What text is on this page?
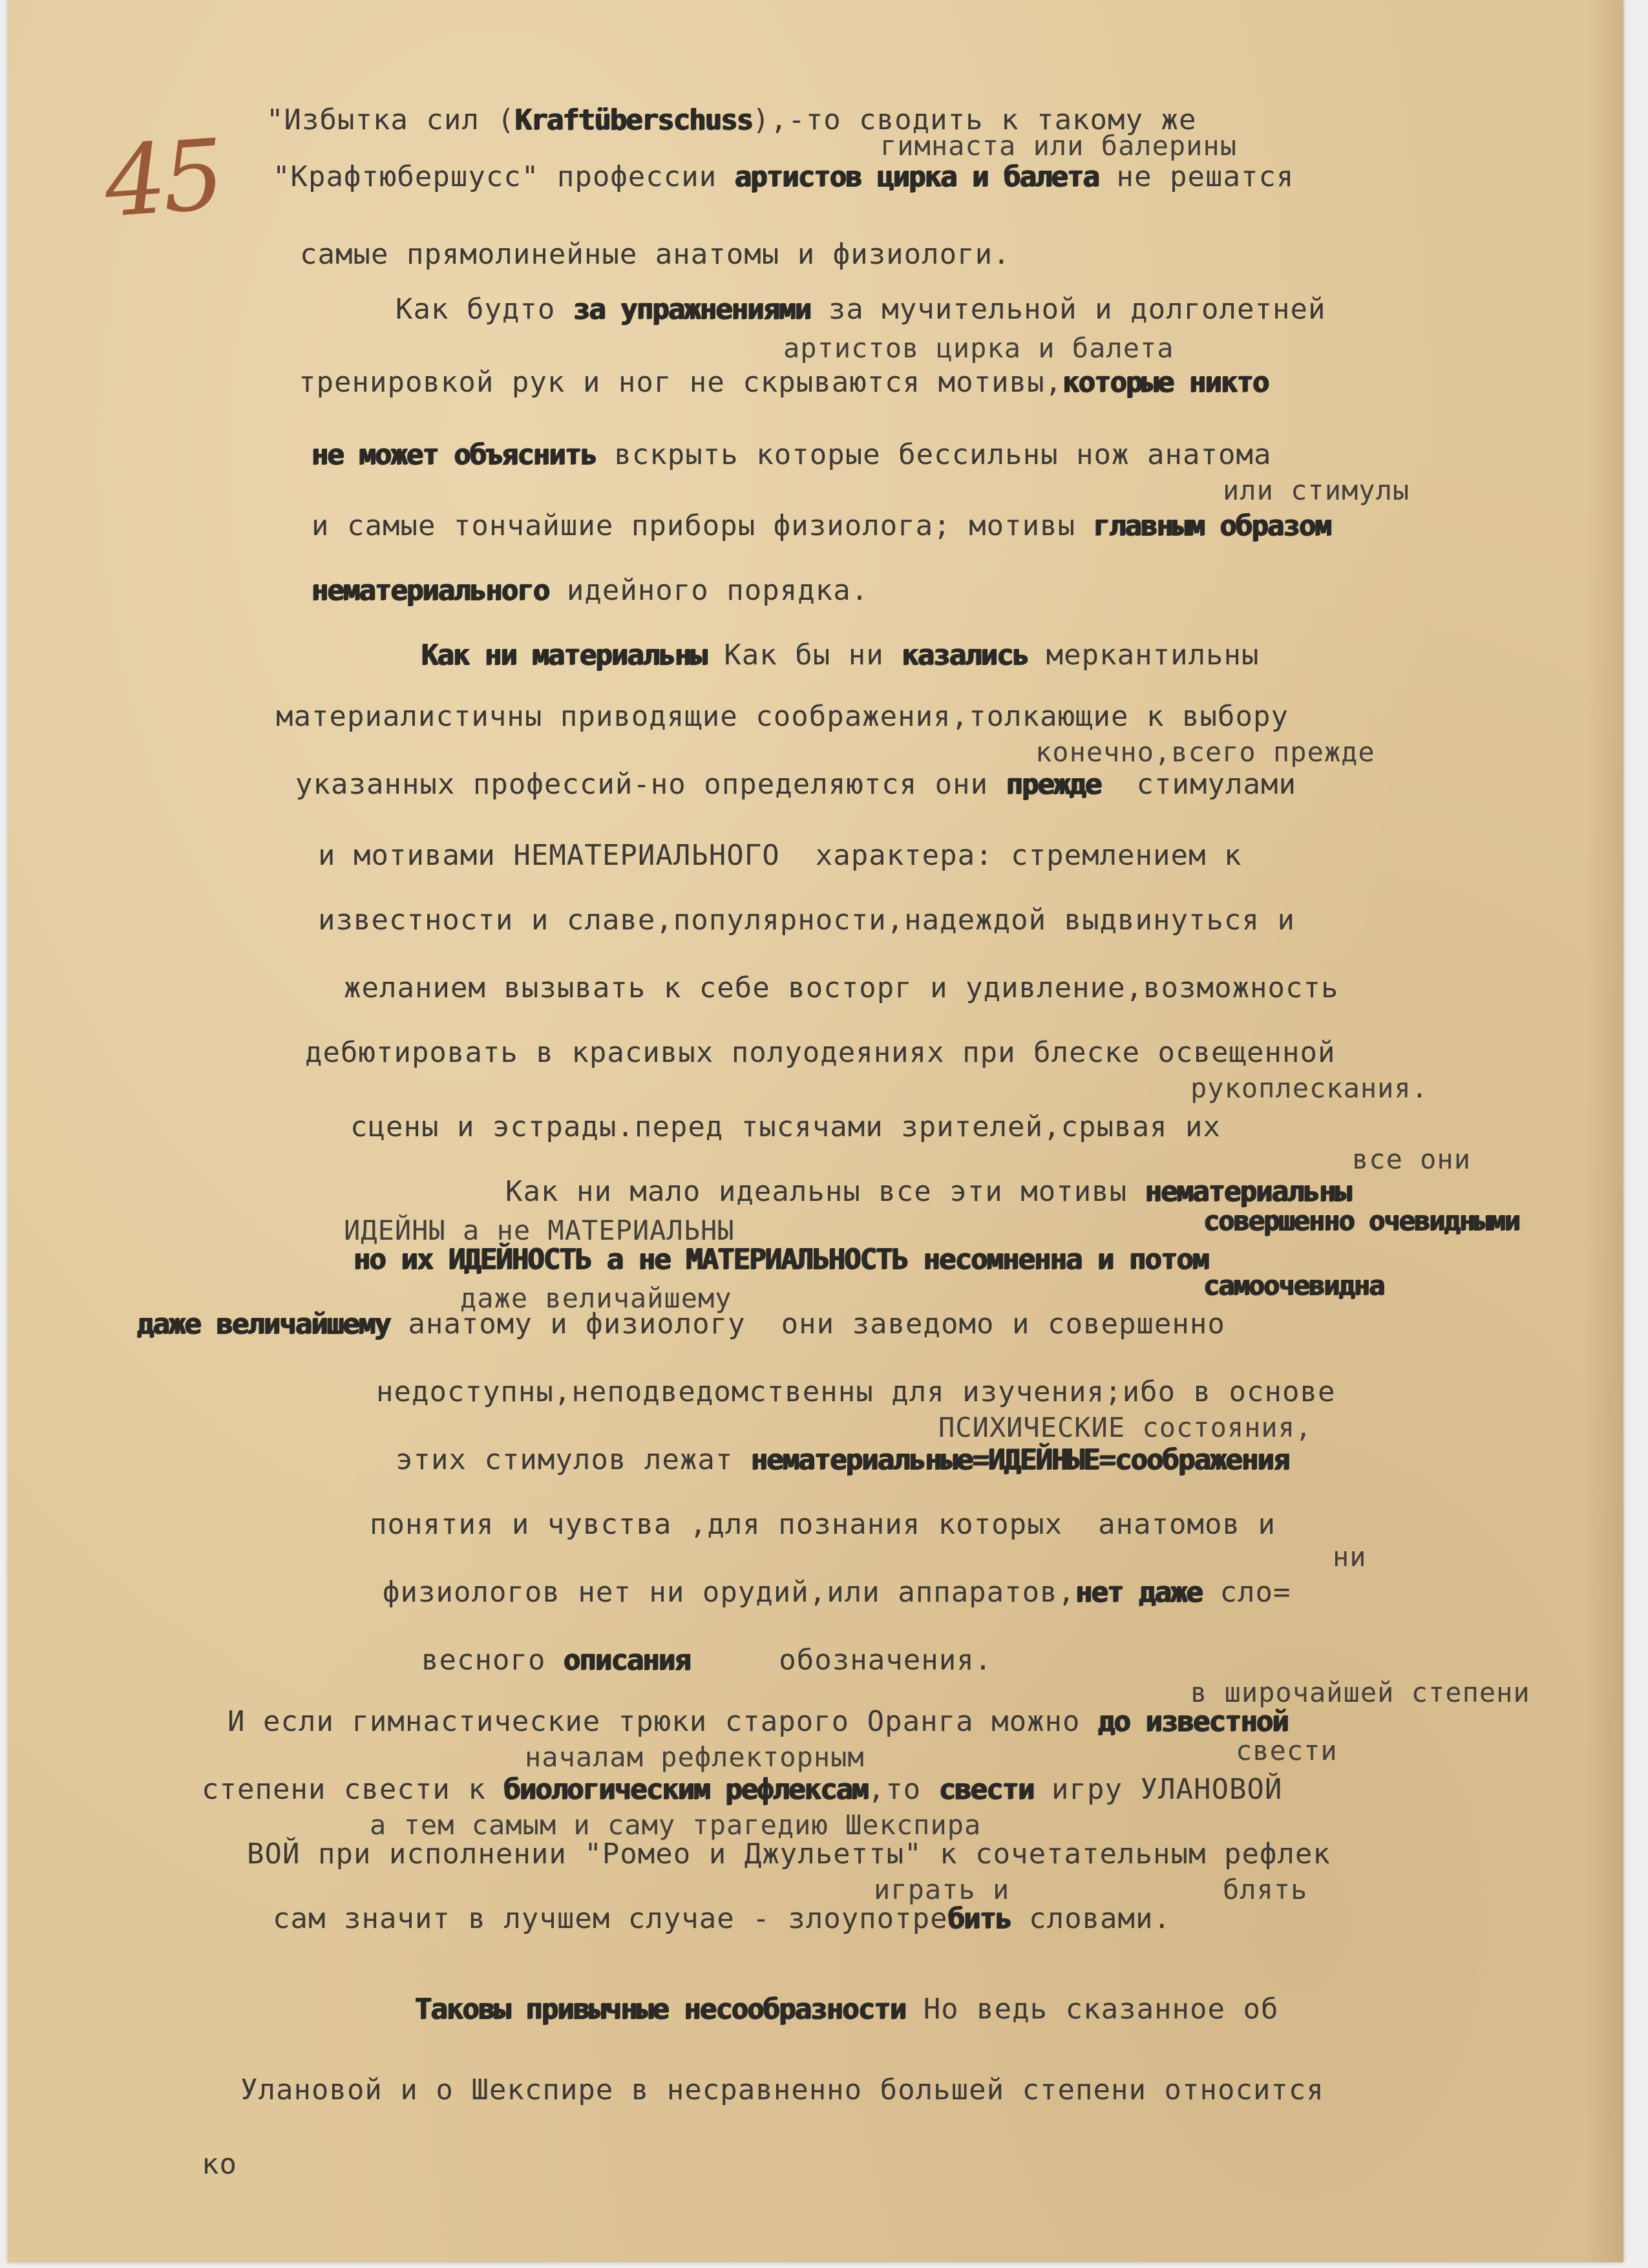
45 "Избытка сил (Kraftüberschuss),-то сводить к такому же
гимнаста или балерины
"Крафтюбершусс" профессии артистов цирка и балета не решатся
самые прямолинейные анатомы и физиологи.
Как будто за упражнениями за мучительной и долголетней
артистов цирка и балета
тренировкой рук и ног не скрываются мотивы,которые никто
не может объяснить вскрыть которые бессильны нож анатома
или стимулы
и самые тончайшие приборы физиолога; мотивы главным образом
нематериального идейного порядка.
Как ни материальны Как бы ни казались меркантильны
материалистичны приводящие соображения,толкающие к выбору
конечно,всего прежде
указанных профессий-но определяются они прежде  стимулами
и мотивами НЕМАТЕРИАЛЬНОГО  характера: стремлением к
известности и славе,популярности,надеждой выдвинуться и
желанием вызывать к себе восторг и удивление,возможность
дебютировать в красивых полуодеяниях при блеске освещенной
рукоплескания.
сцены и эстрады.перед тысячами зрителей,срывая их
все они
Как ни мало идеальны все эти мотивы нематериальны
ИДЕЙНЫ а не МАТЕРИАЛЬНЫ	совершенно очевидными
но их ИДЕЙНОСТЬ а не МАТЕРИАЛЬНОСТЬ несомненна и потом
даже величайшему	самоочевидна
даже величайшему анатому и физиологу  они заведомо и совершенно
недоступны,неподведомственны для изучения;ибо в основе
ПСИХИЧЕСКИЕ состояния,
этих стимулов лежат нематериальные=ИДЕЙНЫЕ=соображения
понятия и чувства ,для познания которых  анатомов и
ни
физиологов нет ни орудий,или аппаратов,нет даже сло=
весного описания     обозначения.
в широчайшей степени
И если гимнастические трюки старого Оранга можно до известной
началам рефлекторным	свести
степени свести к биологическим рефлексам,то свести игру УЛАНОВОЙ
а тем самым и саму трагедию Шекспира
ВОЙ при исполнении "Ромео и Джульетты" к сочетательным рефлек
играть и	блять
сам значит в лучшем случае - злоупотребить словами.
Таковы привычные несообразности Но ведь сказанное об
Улановой и о Шекспире в несравненно большей степени относится
ко
